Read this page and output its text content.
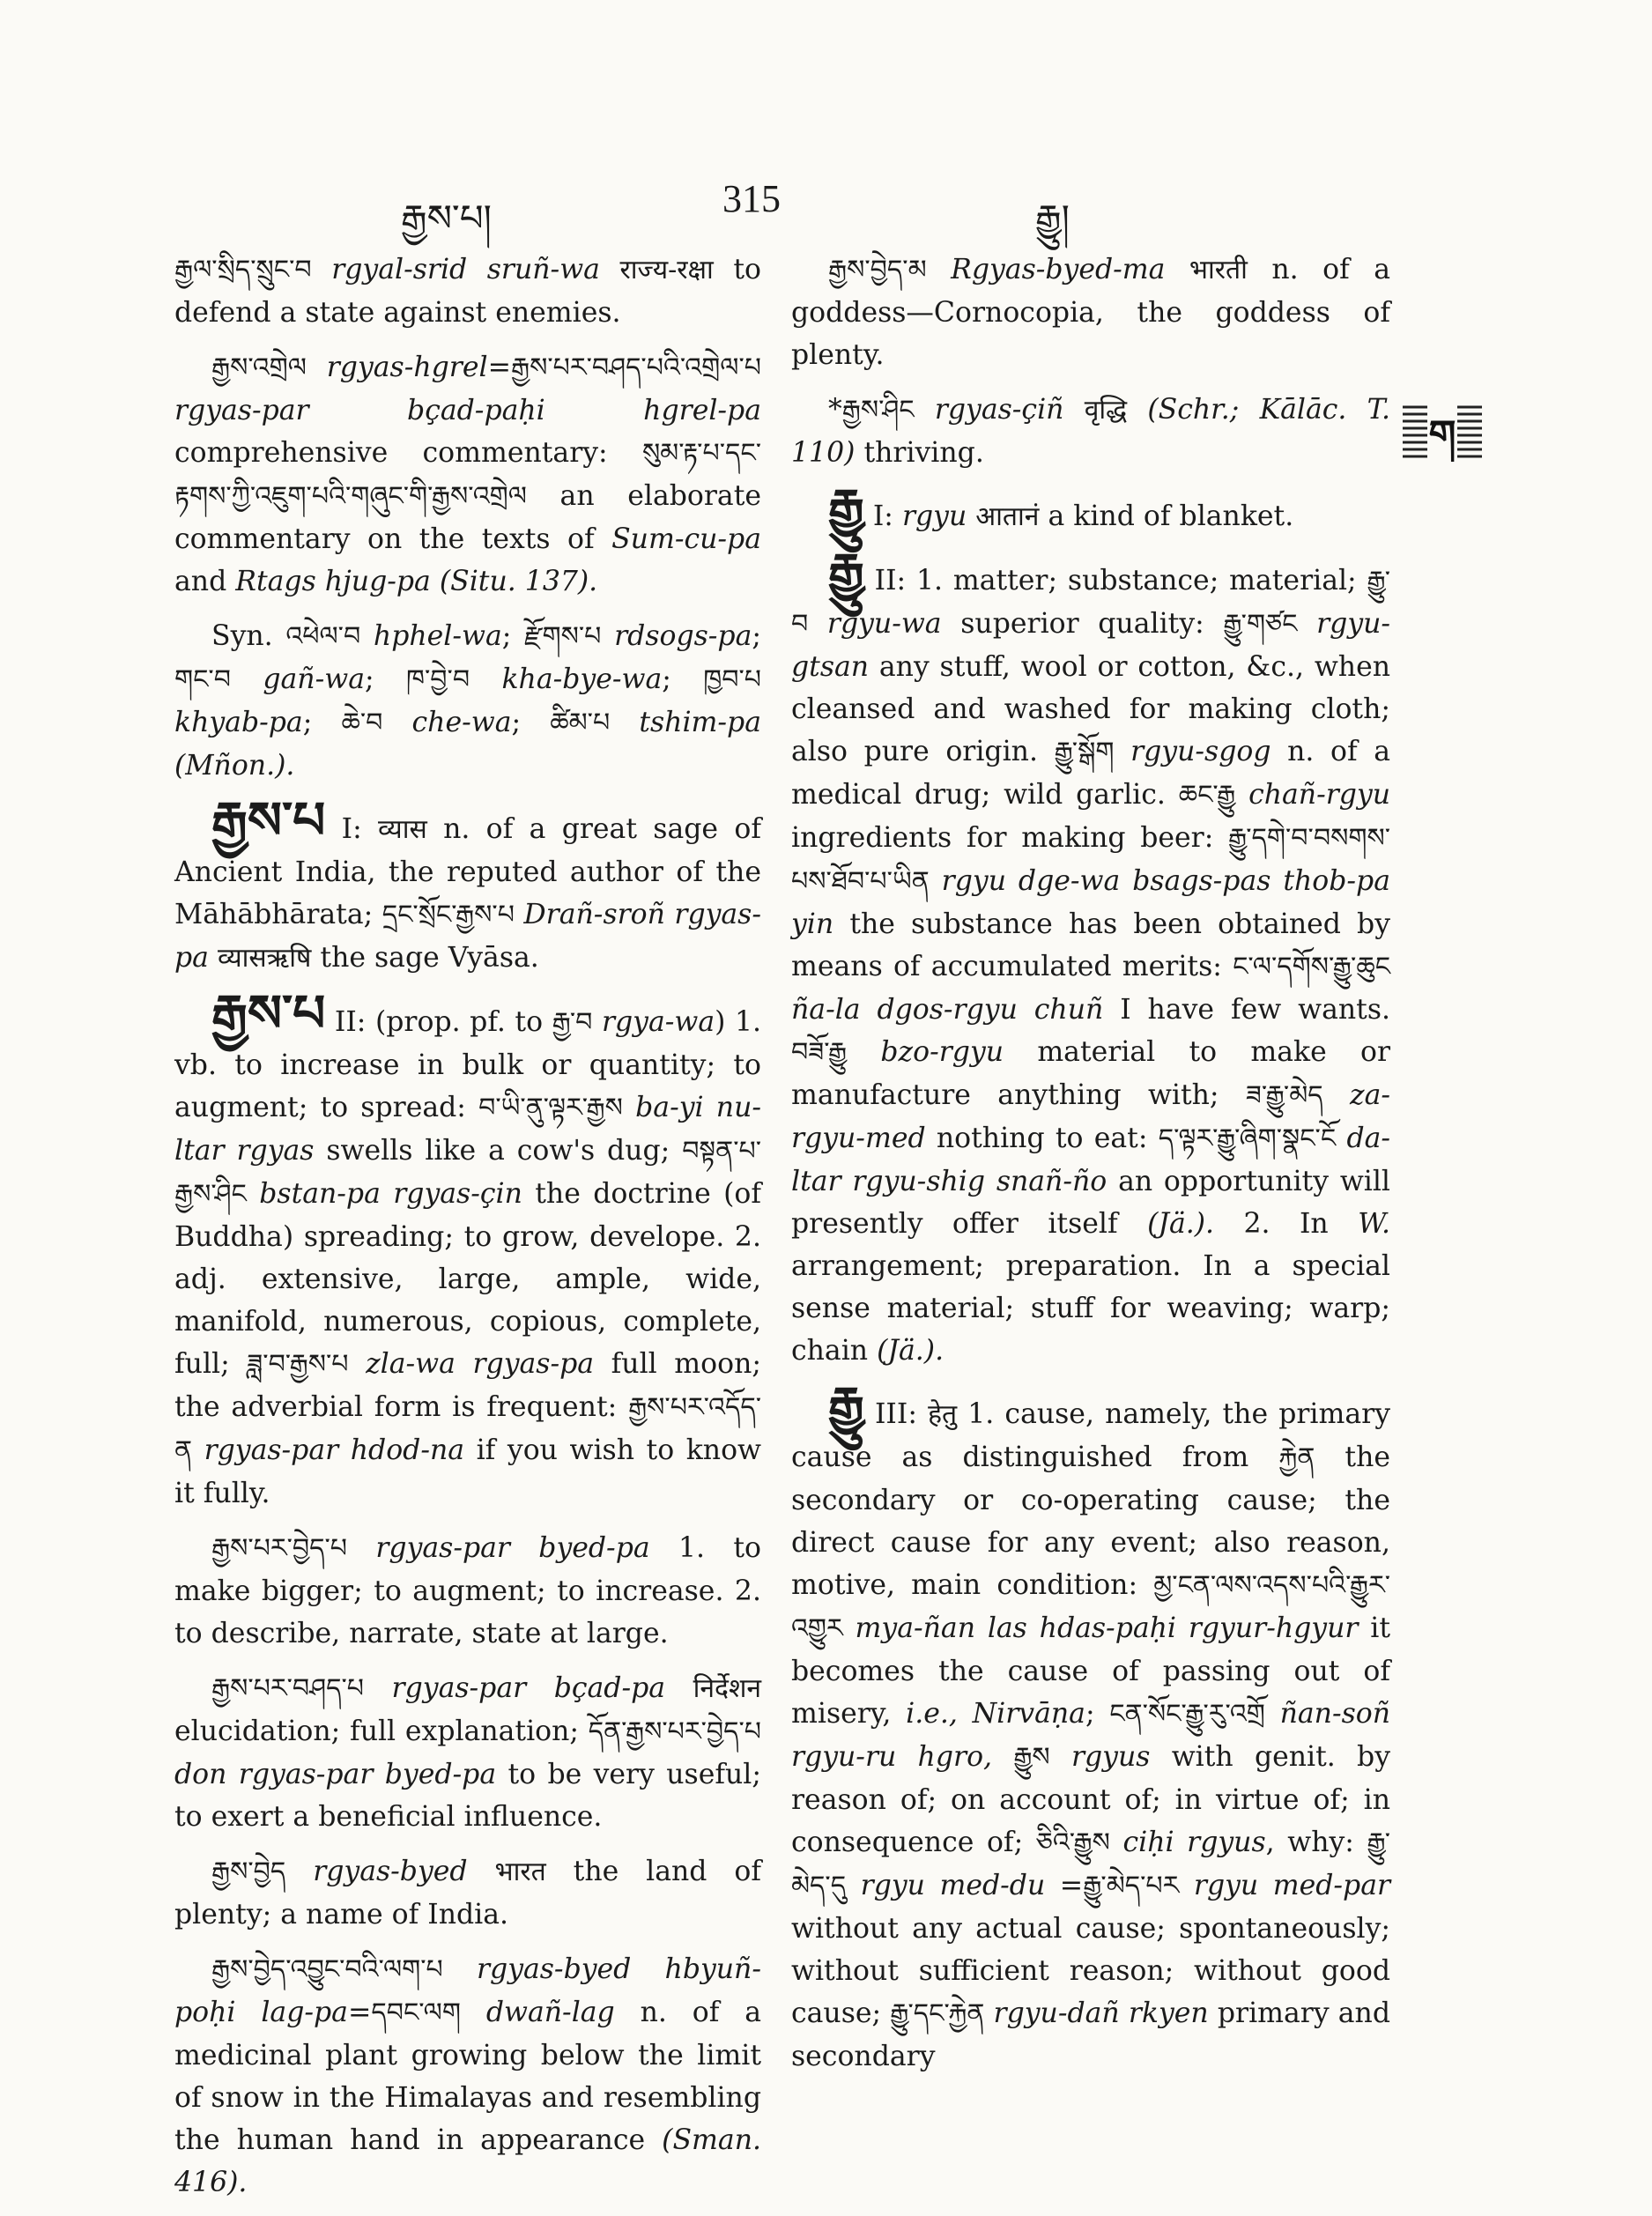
རྒྱས་པ།	315	རྒྱུ།

རྒྱལ་སྲིད་སྲུང་བ rgyal-srid sruñ-wa राज्य-रक्षा to defend a state against enemies.

རྒྱས་འགྲེལ rgyas-hgrel=རྒྱས་པར་བཤད་པའི་འགྲེལ་པ rgyas-par bçad-paḥi hgrel-pa comprehensive commentary: སུམ་རྟ་པ་དང་རྟགས་ཀྱི་འཇུག་པའི་གཞུང་གི་རྒྱས་འགྲེལ an elaborate commentary on the texts of Sum-cu-pa and Rtags hjug-pa (Situ. 137).

Syn. འཕེལ་བ hphel-wa; རྫོགས་པ rdsogs-pa; གང་བ gañ-wa; ཁ་བྱེ་བ kha-bye-wa; ཁྱབ་པ khyab-pa; ཆེ་བ che-wa; ཚིམ་པ tshim-pa (Mñon.).

རྒྱས་པ I: व्यास n. of a great sage of Ancient India, the reputed author of the Māhābhārata; དྲང་སྲོང་རྒྱས་པ Drañ-sroñ rgyas-pa व्यासऋषि the sage Vyāsa.

རྒྱས་པ II: (prop. pf. to རྒྱ་བ rgya-wa) 1. vb. to increase in bulk or quantity; to augment; to spread: བ་ཡི་ནུ་ལྟར་རྒྱས ba-yi nu-ltar rgyas swells like a cow's dug; བསྟན་པ་རྒྱས་ཤིང bstan-pa rgyas-çin the doctrine (of Buddha) spreading; to grow, develope. 2. adj. extensive, large, ample, wide, manifold, numerous, copious, complete, full; ཟླ་བ་རྒྱས་པ zla-wa rgyas-pa full moon; the adverbial form is frequent: རྒྱས་པར་འདོད་ན rgyas-par hdod-na if you wish to know it fully.

རྒྱས་པར་བྱེད་པ rgyas-par byed-pa 1. to make bigger; to augment; to increase. 2. to describe, narrate, state at large.

རྒྱས་པར་བཤད་པ rgyas-par bçad-pa निर्देशन elucidation; full explanation; དོན་རྒྱས་པར་བྱེད་པ don rgyas-par byed-pa to be very useful; to exert a beneficial influence.

རྒྱས་བྱེད rgyas-byed भारत the land of plenty; a name of India.

རྒྱས་བྱེད་འབྱུང་བའི་ལག་པ rgyas-byed hbyuñ-poḥi lag-pa=དབང་ལག dwañ-lag n. of a medicinal plant growing below the limit of snow in the Himalayas and resembling the human hand in appearance (Sman. 416).

རྒྱས་བྱེད་མ Rgyas-byed-ma भारती n. of a goddess—Cornocopia, the goddess of plenty.

*རྒྱས་ཤིང rgyas-çiñ वृद्धि (Schr.; Kālāc. T. 110) thriving.

རྒྱུ I: rgyu आतानं a kind of blanket.

རྒྱུ II: 1. matter; substance; material; རྒྱུ་བ rgyu-wa superior quality: རྒྱུ་གཙང rgyu-gtsan any stuff, wool or cotton, &c., when cleansed and washed for making cloth; also pure origin. རྒྱུ་སྒོག rgyu-sgog n. of a medical drug; wild garlic. ཆང་རྒྱུ chañ-rgyu ingredients for making beer: རྒྱུ་དགེ་བ་བསགས་པས་ཐོབ་པ་ཡིན rgyu dge-wa bsags-pas thob-pa yin the substance has been obtained by means of accumulated merits: ང་ལ་དགོས་རྒྱུ་ཆུང ña-la dgos-rgyu chuñ I have few wants. བཟོ་རྒྱུ bzo-rgyu material to make or manufacture anything with; ཟ་རྒྱུ་མེད za-rgyu-med nothing to eat: ད་ལྟར་རྒྱུ་ཞིག་སྣང་ངོ da-ltar rgyu-shig snañ-ño an opportunity will presently offer itself (Jä.). 2. In W. arrangement; preparation. In a special sense material; stuff for weaving; warp; chain (Jä.).

རྒྱུ III: हेतु 1. cause, namely, the primary cause as distinguished from རྐྱེན the secondary or co-operating cause; the direct cause for any event; also reason, motive, main condition: མྱ་ངན་ལས་འདས་པའི་རྒྱུར་འགྱུར mya-ñan las hdas-paḥi rgyur-hgyur it becomes the cause of passing out of misery, i.e., Nirvāṇa; ངན་སོང་རྒྱུ་རུ་འགྲོ ñan-soñ rgyu-ru hgro, རྒྱུས rgyus with genit. by reason of; on account of; in virtue of; in consequence of; ཅིའི་རྒྱུས ciḥi rgyus, why: རྒྱུ་མེད་དུ rgyu med-du =རྒྱུ་མེད་པར rgyu med-par without any actual cause; spontaneously; without sufficient reason; without good cause; རྒྱུ་དང་རྐྱེན rgyu-dañ rkyen primary and secondary

ག
